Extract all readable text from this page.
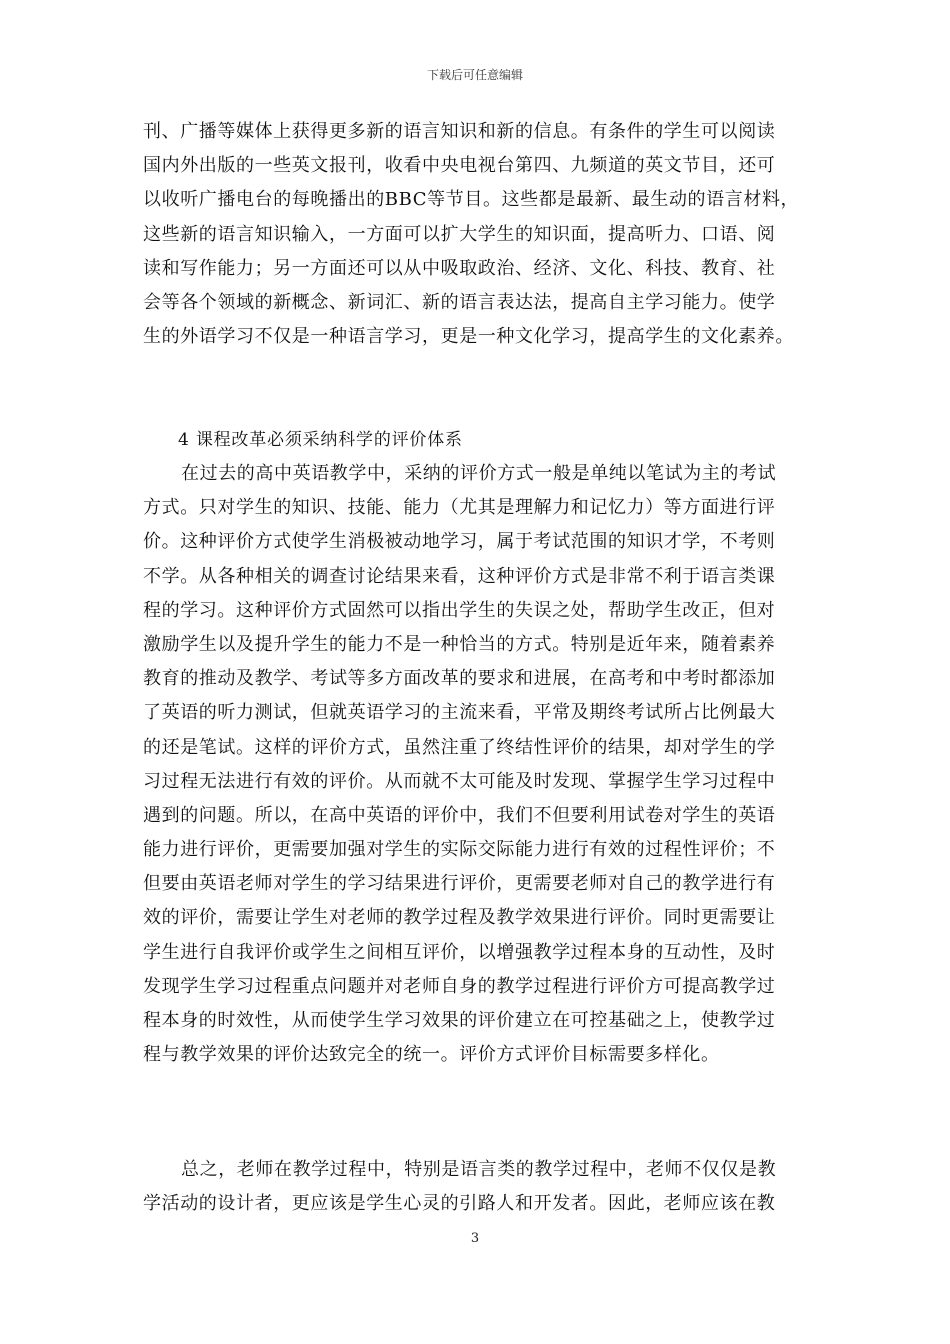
下载后可任意编辑
刊、广播等媒体上获得更多新的语言知识和新的信息。有条件的学生可以阅读
国内外出版的一些英文报刊，收看中央电视台第四、九频道的英文节目，还可
以收听广播电台的每晚播出的BBC等节目。这些都是最新、最生动的语言材料，
这些新的语言知识输入，一方面可以扩大学生的知识面，提高听力、口语、阅
读和写作能力；另一方面还可以从中吸取政治、经济、文化、科技、教育、社
会等各个领域的新概念、新词汇、新的语言表达法，提高自主学习能力。使学
生的外语学习不仅是一种语言学习，更是一种文化学习，提高学生的文化素养。
4 课程改革必须采纳科学的评价体系
在过去的高中英语教学中，采纳的评价方式一般是单纯以笔试为主的考试
方式。只对学生的知识、技能、能力（尤其是理解力和记忆力）等方面进行评
价。这种评价方式使学生消极被动地学习，属于考试范围的知识才学，不考则
不学。从各种相关的调查讨论结果来看，这种评价方式是非常不利于语言类课
程的学习。这种评价方式固然可以指出学生的失误之处，帮助学生改正，但对
激励学生以及提升学生的能力不是一种恰当的方式。特别是近年来，随着素养
教育的推动及教学、考试等多方面改革的要求和进展，在高考和中考时都添加
了英语的听力测试，但就英语学习的主流来看，平常及期终考试所占比例最大
的还是笔试。这样的评价方式，虽然注重了终结性评价的结果，却对学生的学
习过程无法进行有效的评价。从而就不太可能及时发现、掌握学生学习过程中
遇到的问题。所以，在高中英语的评价中，我们不但要利用试卷对学生的英语
能力进行评价，更需要加强对学生的实际交际能力进行有效的过程性评价；不
但要由英语老师对学生的学习结果进行评价，更需要老师对自己的教学进行有
效的评价，需要让学生对老师的教学过程及教学效果进行评价。同时更需要让
学生进行自我评价或学生之间相互评价，以增强教学过程本身的互动性，及时
发现学生学习过程重点问题并对老师自身的教学过程进行评价方可提高教学过
程本身的时效性，从而使学生学习效果的评价建立在可控基础之上，使教学过
程与教学效果的评价达致完全的统一。评价方式评价目标需要多样化。
总之，老师在教学过程中，特别是语言类的教学过程中，老师不仅仅是教
学活动的设计者，更应该是学生心灵的引路人和开发者。因此，老师应该在教
3
